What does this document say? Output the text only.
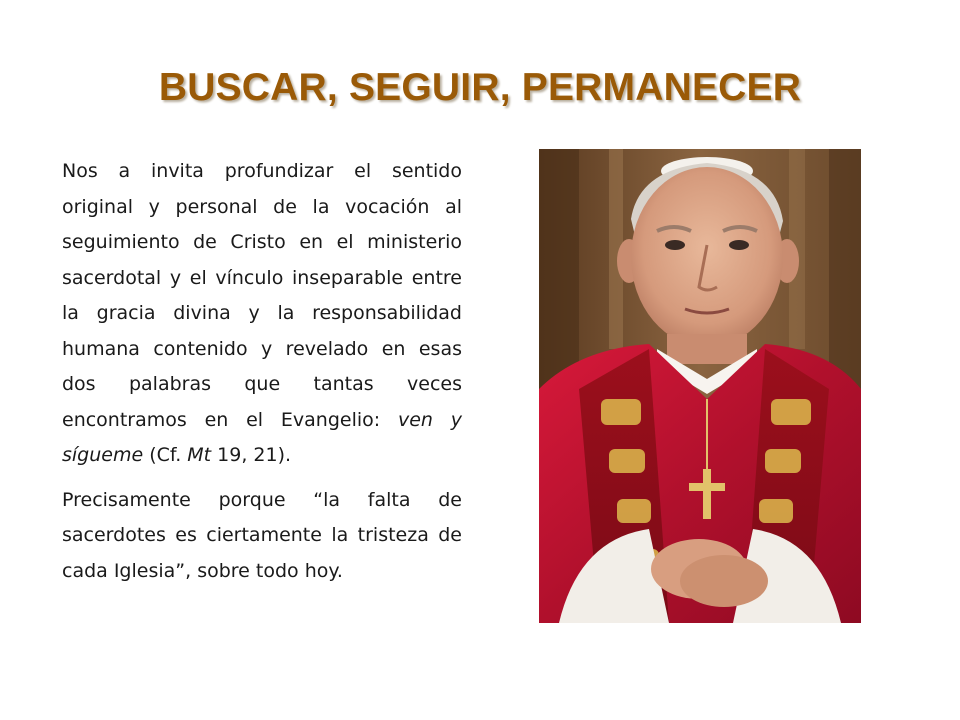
BUSCAR, SEGUIR, PERMANECER

Nos a invita profundizar el sentido original y personal de la vocación al seguimiento de Cristo en el ministerio sacerdotal y el vínculo inseparable entre la gracia divina y la responsabilidad humana contenido y revelado en esas dos palabras que tantas veces encontramos en el Evangelio: ven y sígueme (Cf. Mt 19, 21).

Precisamente porque “la falta de sacerdotes es ciertamente la tristeza de cada Iglesia”, sobre todo hoy.
